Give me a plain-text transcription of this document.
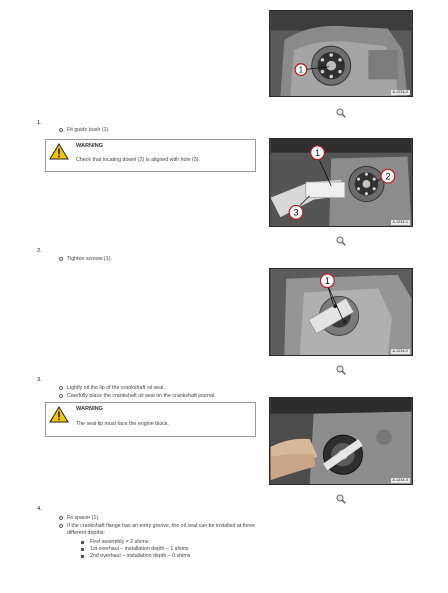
1
A-1234-0
1.
Fit guide bush (1).
WARNING
Check that locating dowel (2) is aligned with hole (3).
1
2
3
A-1234-1
2.
Tighten screws (1).
1
A-1234-2
3.
Lightly oil the lip of the crankshaft oil seal.
Carefully place the crankshaft oil seal on the crankshaft journal.
WARNING
The seal lip must face the engine block.
A-1234-3
4.
Fit spacer (1).
If the crankshaft flange has an entry groove, the oil seal can be installed at three different depths:
First assembly = 2 shims
1st overhaul – installation depth – 1 shims
2nd overhaul – installation depth – 0 shims
